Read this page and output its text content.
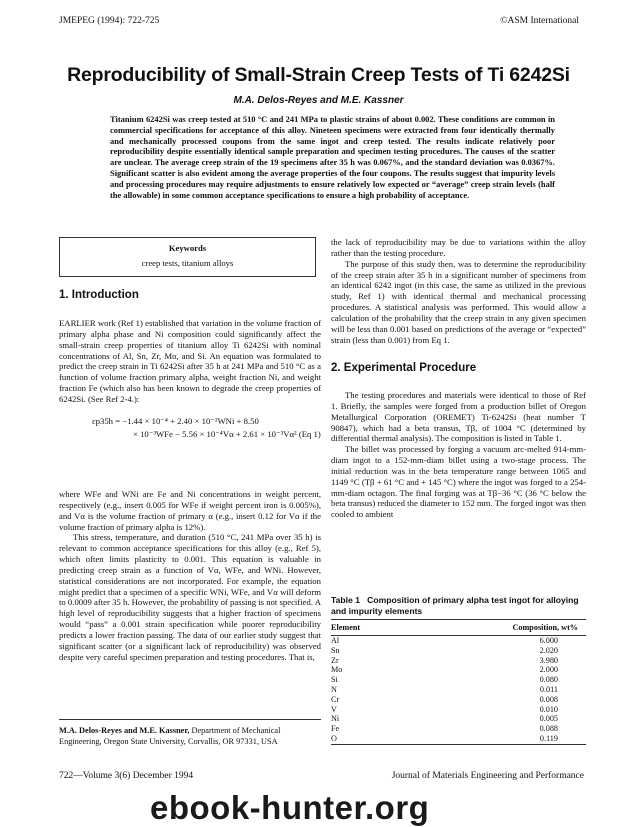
JMEPEG (1994): 722-725	©ASM International
Reproducibility of Small-Strain Creep Tests of Ti 6242Si
M.A. Delos-Reyes and M.E. Kassner
Titanium 6242Si was creep tested at 510 °C and 241 MPa to plastic strains of about 0.002. These conditions are common in commercial specifications for acceptance of this alloy. Nineteen specimens were extracted from four identically thermally and mechanically processed coupons from the same ingot and creep tested. The results indicate relatively poor reproducibility despite essentially identical sample preparation and specimen testing procedures. The causes of the scatter are unclear. The average creep strain of the 19 specimens after 35 h was 0.067%, and the standard deviation was 0.0367%. Significant scatter is also evident among the average properties of the four coupons. The results suggest that impurity levels and processing procedures may require adjustments to ensure relatively low expected or “average” creep strain levels (half the allowable) in some common acceptance specifications to ensure a high probability of acceptance.
Keywords
creep tests, titanium alloys
1. Introduction

EARLIER work (Ref 1) established that variation in the volume fraction of primary alpha phase and Ni composition could significantly affect the small-strain creep properties of titanium alloy Ti 6242Si with nominal concentrations of Al, Sn, Zr, Mo, and Si. An equation was formulated to predict the creep strain in Ti 6242Si after 35 h at 241 MPa and 510 °C as a function of volume fraction primary alpha, weight fraction Ni, and weight fraction Fe (which also has been known to degrade the creep properties of 6242Si. (See Ref 2-4.):

εp35h = −1.44 × 10⁻⁴ + 2.40 × 10⁻²WNi + 8.50
× 10⁻³WFe − 5.56 × 10⁻⁴Vα + 2.61 × 10⁻³Vα² (Eq 1)

where WFe and WNi are Fe and Ni concentrations in weight percent, respectively (e.g., insert 0.005 for WFe if weight percent iron is 0.005%), and Vα is the volume fraction of primary α (e.g., insert 0.12 for Vα if the volume fraction of primary alpha is 12%).

This stress, temperature, and duration (510 °C, 241 MPa over 35 h) is relevant to common acceptance specifications for this alloy (e.g., Ref 5), which often limits plasticity to 0.001. This equation is valuable in predicting creep strain as a function of Vα, WFe, and WNi. However, statistical considerations are not incorporated. For example, the equation might predict that a specimen of a specific WNi, WFe, and Vα will deform to 0.0009 after 35 h. However, the probability of passing is not specified. A high level of reproducibility suggests that a higher fraction of specimens would “pass” a 0.001 strain specification while poorer reproducibility predicts a lower fraction passing. The data of our earlier study suggest that significant scatter (or a significant lack of reproducibility) was observed despite very careful specimen preparation and testing procedures. That is,

M.A. Delos-Reyes and M.E. Kassner, Department of Mechanical Engineering, Oregon State University, Corvallis, OR 97331, USA

the lack of reproducibility may be due to variations within the alloy rather than the testing procedure.

The purpose of this study then, was to determine the reproducibility of the creep strain after 35 h in a significant number of specimens from an identical 6242 ingot (in this case, the same as utilized in the previous study, Ref 1) with identical thermal and mechanical processing procedures. A statistical analysis was performed. This would allow a calculation of the probability that the creep strain in any given specimen will be less than 0.001 based on predictions of the average or “expected” strain (less than 0.001) from Eq 1.

2. Experimental Procedure

The testing procedures and materials were identical to those of Ref 1. Briefly, the samples were forged from a production billet of Oregon Metallurgical Corporation (OREMET) Ti-6242Si (heat number T 90847), which had a beta transus, Tβ, of 1004 °C (determined by differential thermal analysis). The composition is listed in Table 1.

The billet was processed by forging a vacuum arc-melted 914-mm-diam ingot to a 152-mm-diam billet using a two-stage process. The initial reduction was in the beta temperature range between 1065 and 1149 °C (Tβ + 61 °C and + 145 °C) where the ingot was forged to a 254-mm-diam octagon. The final forging was at Tβ−36 °C (36 °C below the beta transus) reduced the diameter to 152 mm. The forged ingot was then cooled to ambient

Table 1 Composition of primary alpha test ingot for alloying and impurity elements
Element	Composition, wt%
Al	6.000
Sn	2.020
Zr	3.980
Mo	2.000
Si	0.080
N	0.011
Cr	0.008
V	0.010
Ni	0.005
Fe	0.088
O	0.119
722—Volume 3(6) December 1994	Journal of Materials Engineering and Performance
ebook-hunter.org
